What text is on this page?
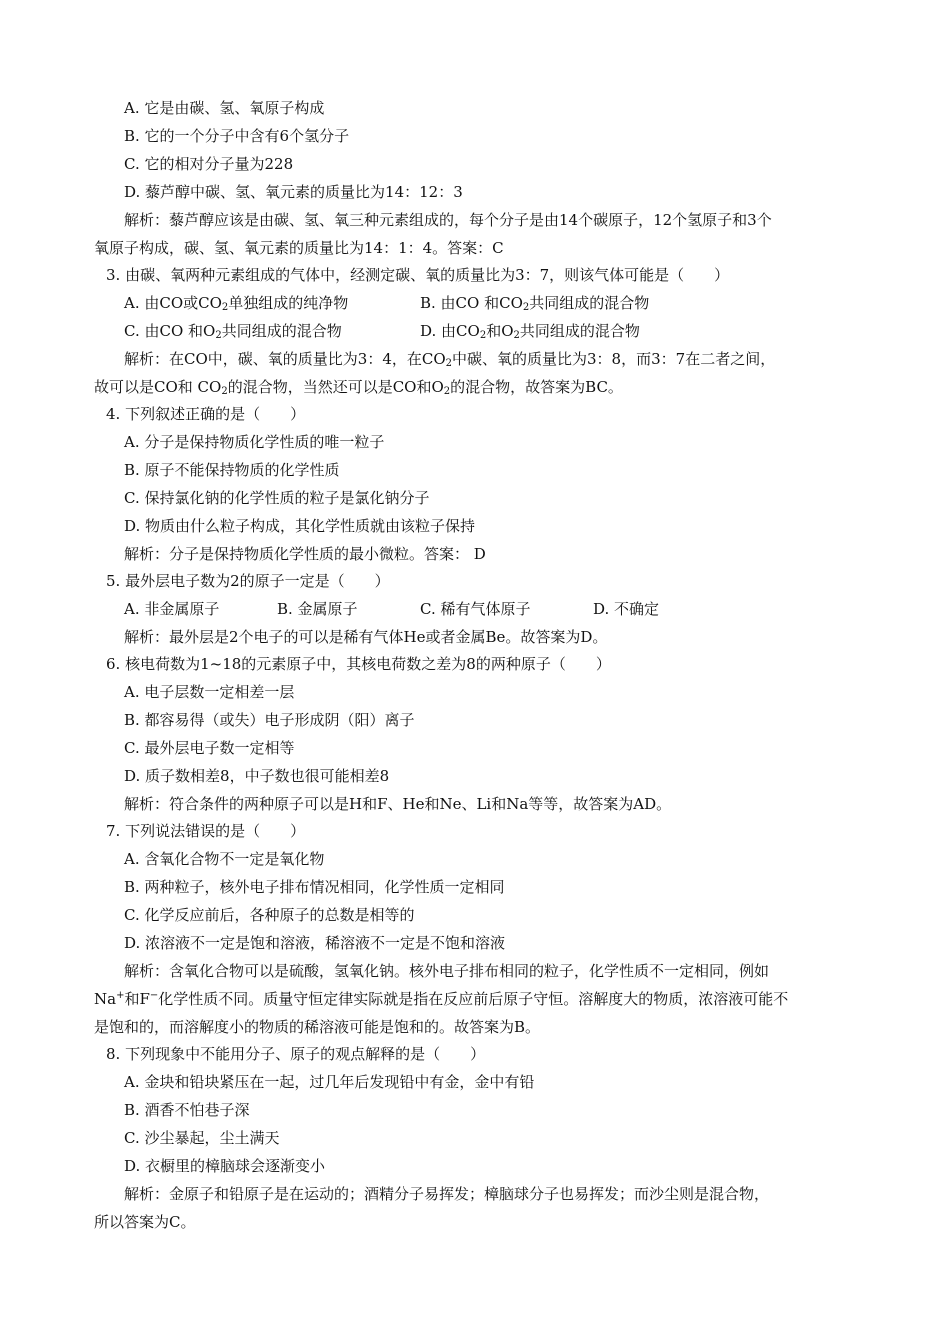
A. 它是由碳、氢、氧原子构成
B. 它的一个分子中含有6个氢分子
C. 它的相对分子量为228
D. 藜芦醇中碳、氢、氧元素的质量比为14：12：3
解析：藜芦醇应该是由碳、氢、氧三种元素组成的，每个分子是由14个碳原子，12个氢原子和3个
氧原子构成，碳、氢、氧元素的质量比为14：1：4。答案：C
3. 由碳、氧两种元素组成的气体中，经测定碳、氧的质量比为3：7，则该气体可能是（　　）
A. 由CO或$CO_2$单独组成的纯净物	B. 由CO 和$CO_2$共同组成的混合物
C. 由CO 和$O_2$共同组成的混合物	D. 由$CO_2$和$O_2$共同组成的混合物
解析：在CO中，碳、氧的质量比为3：4，在$CO_2$中碳、氧的质量比为3：8，而3：7在二者之间，
故可以是CO和 $CO_2$的混合物，当然还可以是CO和$O_2$的混合物，故答案为BC。
4. 下列叙述正确的是（　　）
A. 分子是保持物质化学性质的唯一粒子
B. 原子不能保持物质的化学性质
C. 保持氯化钠的化学性质的粒子是氯化钠分子
D. 物质由什么粒子构成，其化学性质就由该粒子保持
解析：分子是保持物质化学性质的最小微粒。答案： D
5. 最外层电子数为2的原子一定是（　　）
A. 非金属原子	B. 金属原子	C. 稀有气体原子	D. 不确定
解析：最外层是2个电子的可以是稀有气体He或者金属Be。故答案为D。
6. 核电荷数为1~18的元素原子中，其核电荷数之差为8的两种原子（　　）
A. 电子层数一定相差一层
B. 都容易得（或失）电子形成阴（阳）离子
C. 最外层电子数一定相等
D. 质子数相差8，中子数也很可能相差8
解析：符合条件的两种原子可以是H和F、He和Ne、Li和Na等等，故答案为AD。
7. 下列说法错误的是（　　）
A. 含氧化合物不一定是氧化物
B. 两种粒子，核外电子排布情况相同，化学性质一定相同
C. 化学反应前后，各种原子的总数是相等的
D. 浓溶液不一定是饱和溶液，稀溶液不一定是不饱和溶液
解析：含氧化合物可以是硫酸，氢氧化钠。核外电子排布相同的粒子，化学性质不一定相同，例如
Na+和F−化学性质不同。质量守恒定律实际就是指在反应前后原子守恒。溶解度大的物质，浓溶液可能不
是饱和的，而溶解度小的物质的稀溶液可能是饱和的。故答案为B。
8. 下列现象中不能用分子、原子的观点解释的是（　　）
A. 金块和铅块紧压在一起，过几年后发现铅中有金，金中有铅
B. 酒香不怕巷子深
C. 沙尘暴起，尘土满天
D. 衣橱里的樟脑球会逐渐变小
解析：金原子和铅原子是在运动的；酒精分子易挥发；樟脑球分子也易挥发；而沙尘则是混合物，
所以答案为C。
